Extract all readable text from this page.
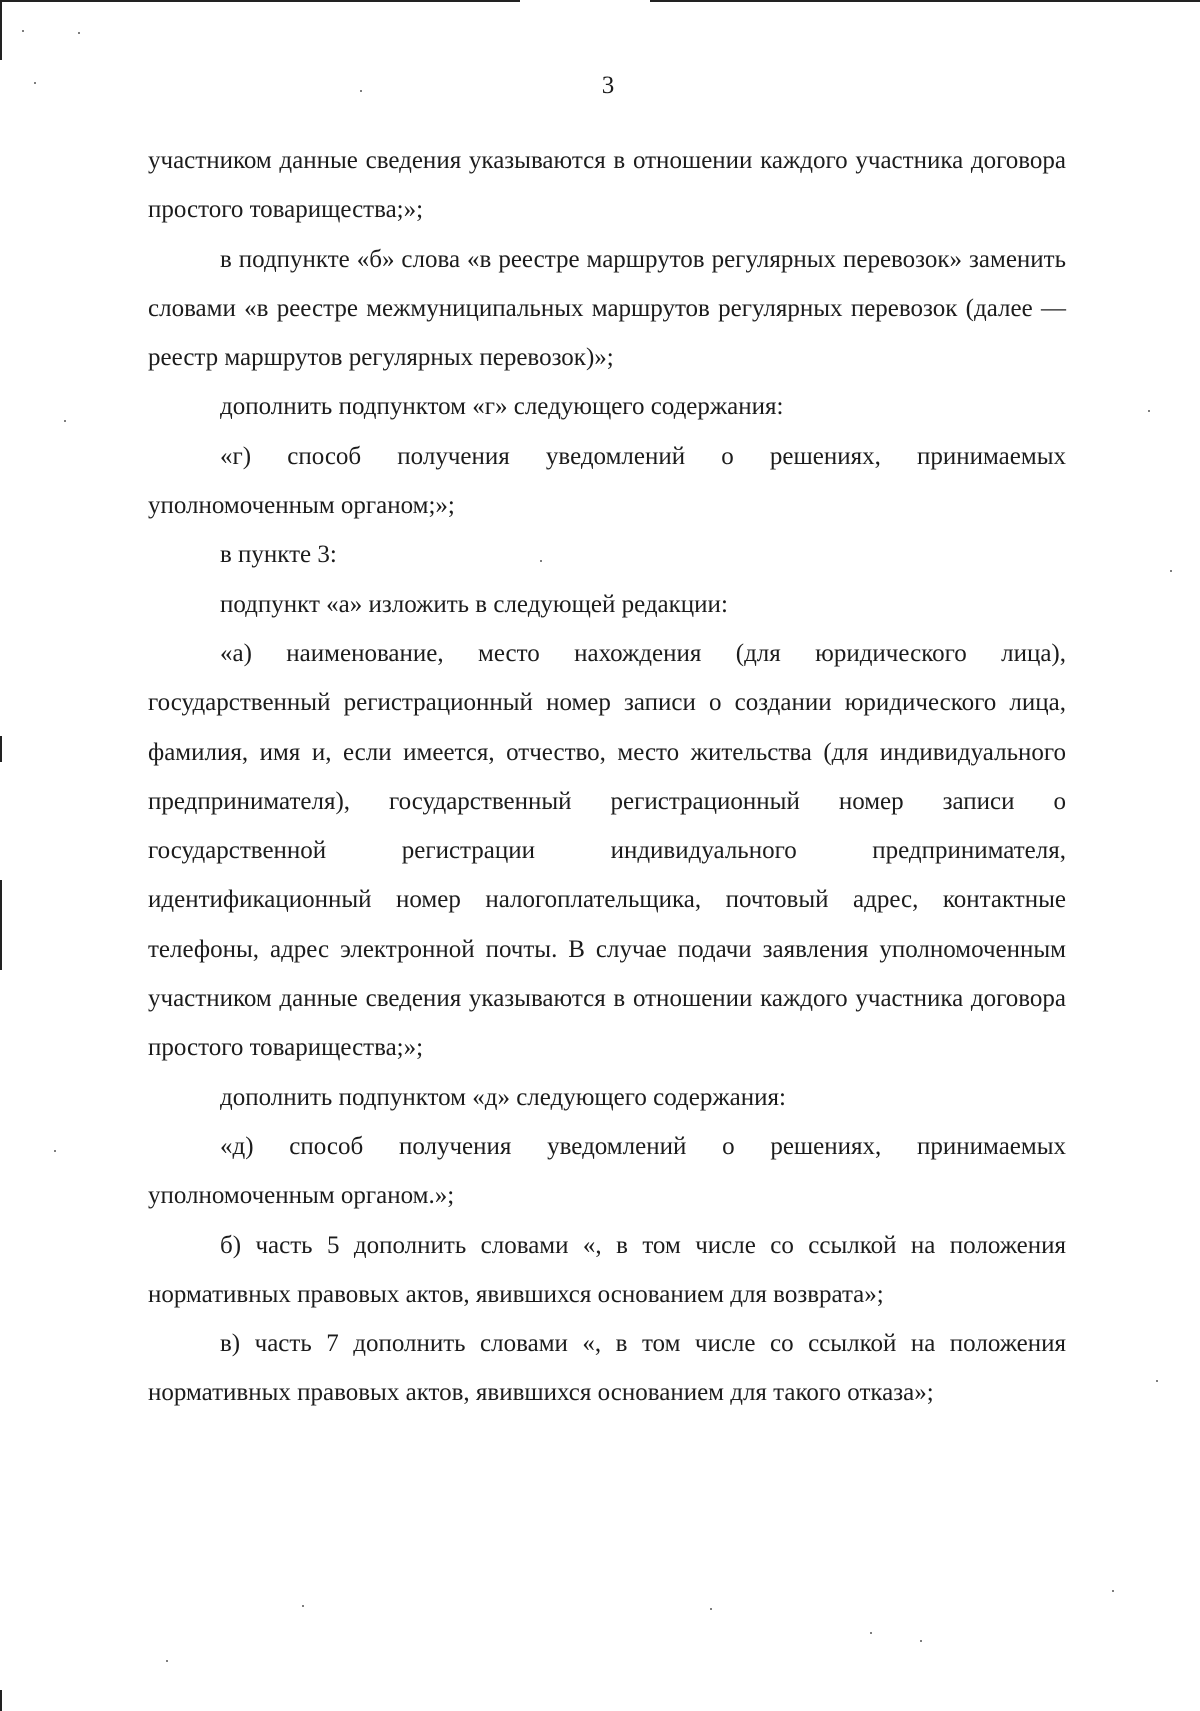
3

участником данные сведения указываются в отношении каждого участника договора простого товарищества;»;

в подпункте «б» слова «в реестре маршрутов регулярных перевозок» заменить словами «в реестре межмуниципальных маршрутов регулярных перевозок (далее — реестр маршрутов регулярных перевозок)»;

дополнить подпунктом «г» следующего содержания:

«г) способ получения уведомлений о решениях, принимаемых уполномоченным органом;»;

в пункте 3:

подпункт «а» изложить в следующей редакции:

«а) наименование, место нахождения (для юридического лица), государственный регистрационный номер записи о создании юридического лица, фамилия, имя и, если имеется, отчество, место жительства (для индивидуального предпринимателя), государственный регистрационный номер записи о государственной регистрации индивидуального предпринимателя, идентификационный номер налогоплательщика, почтовый адрес, контактные телефоны, адрес электронной почты. В случае подачи заявления уполномоченным участником данные сведения указываются в отношении каждого участника договора простого товарищества;»;

дополнить подпунктом «д» следующего содержания:

«д) способ получения уведомлений о решениях, принимаемых уполномоченным органом.»;

б) часть 5 дополнить словами «, в том числе со ссылкой на положения нормативных правовых актов, явившихся основанием для возврата»;

в) часть 7 дополнить словами «, в том числе со ссылкой на положения нормативных правовых актов, явившихся основанием для такого отказа»;
